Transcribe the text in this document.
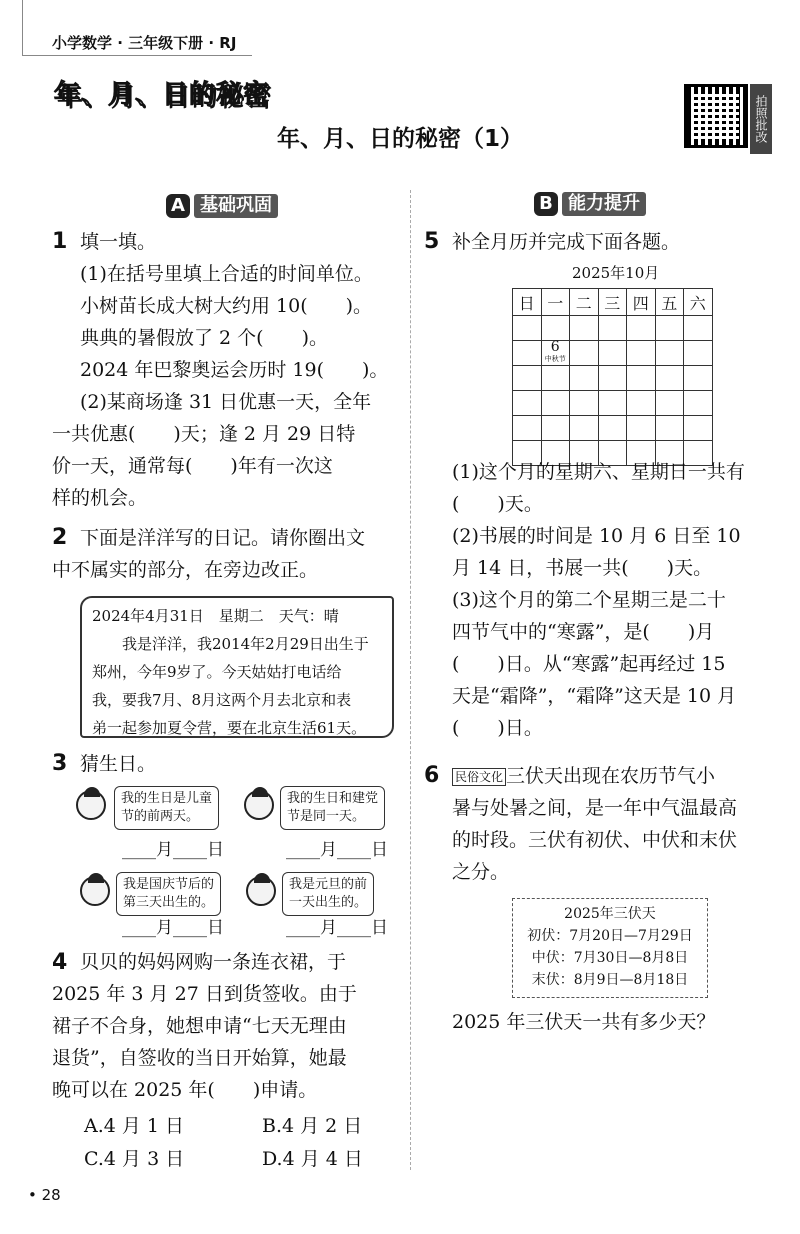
小学数学 · 三年级下册 · RJ
年、月、日的秘密
年、月、日的秘密（1）	拍照批改
A 基础巩固
1 填一填。
(1)在括号里填上合适的时间单位。
小树苗长成大树大约用 10(　　)。
典典的暑假放了 2 个(　　)。
2024 年巴黎奥运会历时 19(　　)。
(2)某商场逢 31 日优惠一天，全年
一共优惠(　　)天；逢 2 月 29 日特
价一天，通常每(　　)年有一次这
样的机会。
2 下面是洋洋写的日记。请你圈出文
中不属实的部分，在旁边改正。
2024年4月31日　星期二　天气：晴
　　我是洋洋，我2014年2月29日出生于
郑州，今年9岁了。今天姑姑打电话给
我，要我7月、8月这两个月去北京和表
弟一起参加夏令营，要在北京生活61天。
3 猜生日。
我的生日是儿童
节的前两天。
我的生日和建党
节是同一天。
____月____日	____月____日
我是国庆节后的
第三天出生的。
我是元旦的前
一天出生的。
____月____日	____月____日
4 贝贝的妈妈网购一条连衣裙，于
2025 年 3 月 27 日到货签收。由于
裙子不合身，她想申请“七天无理由
退货”，自签收的当日开始算，她最
晚可以在 2025 年(　　)申请。
A.4 月 1 日	B.4 月 2 日
C.4 月 3 日	D.4 月 4 日
B 能力提升
5 补全月历并完成下面各题。
2025年10月
日	一	二	三	四	五	六

	6
中秋节					

(1)这个月的星期六、星期日一共有
(　　)天。
(2)书展的时间是 10 月 6 日至 10
月 14 日，书展一共(　　)天。
(3)这个月的第二个星期三是二十
四节气中的“寒露”，是(　　)月
(　　)日。从“寒露”起再经过 15
天是“霜降”，“霜降”这天是 10 月
(　　)日。
6 民俗文化 三伏天出现在农历节气小
暑与处暑之间，是一年中气温最高
的时段。三伏有初伏、中伏和末伏
之分。
2025年三伏天
初伏：7月20日—7月29日
中伏：7月30日—8月8日
末伏：8月9日—8月18日
2025 年三伏天一共有多少天？
• 28
